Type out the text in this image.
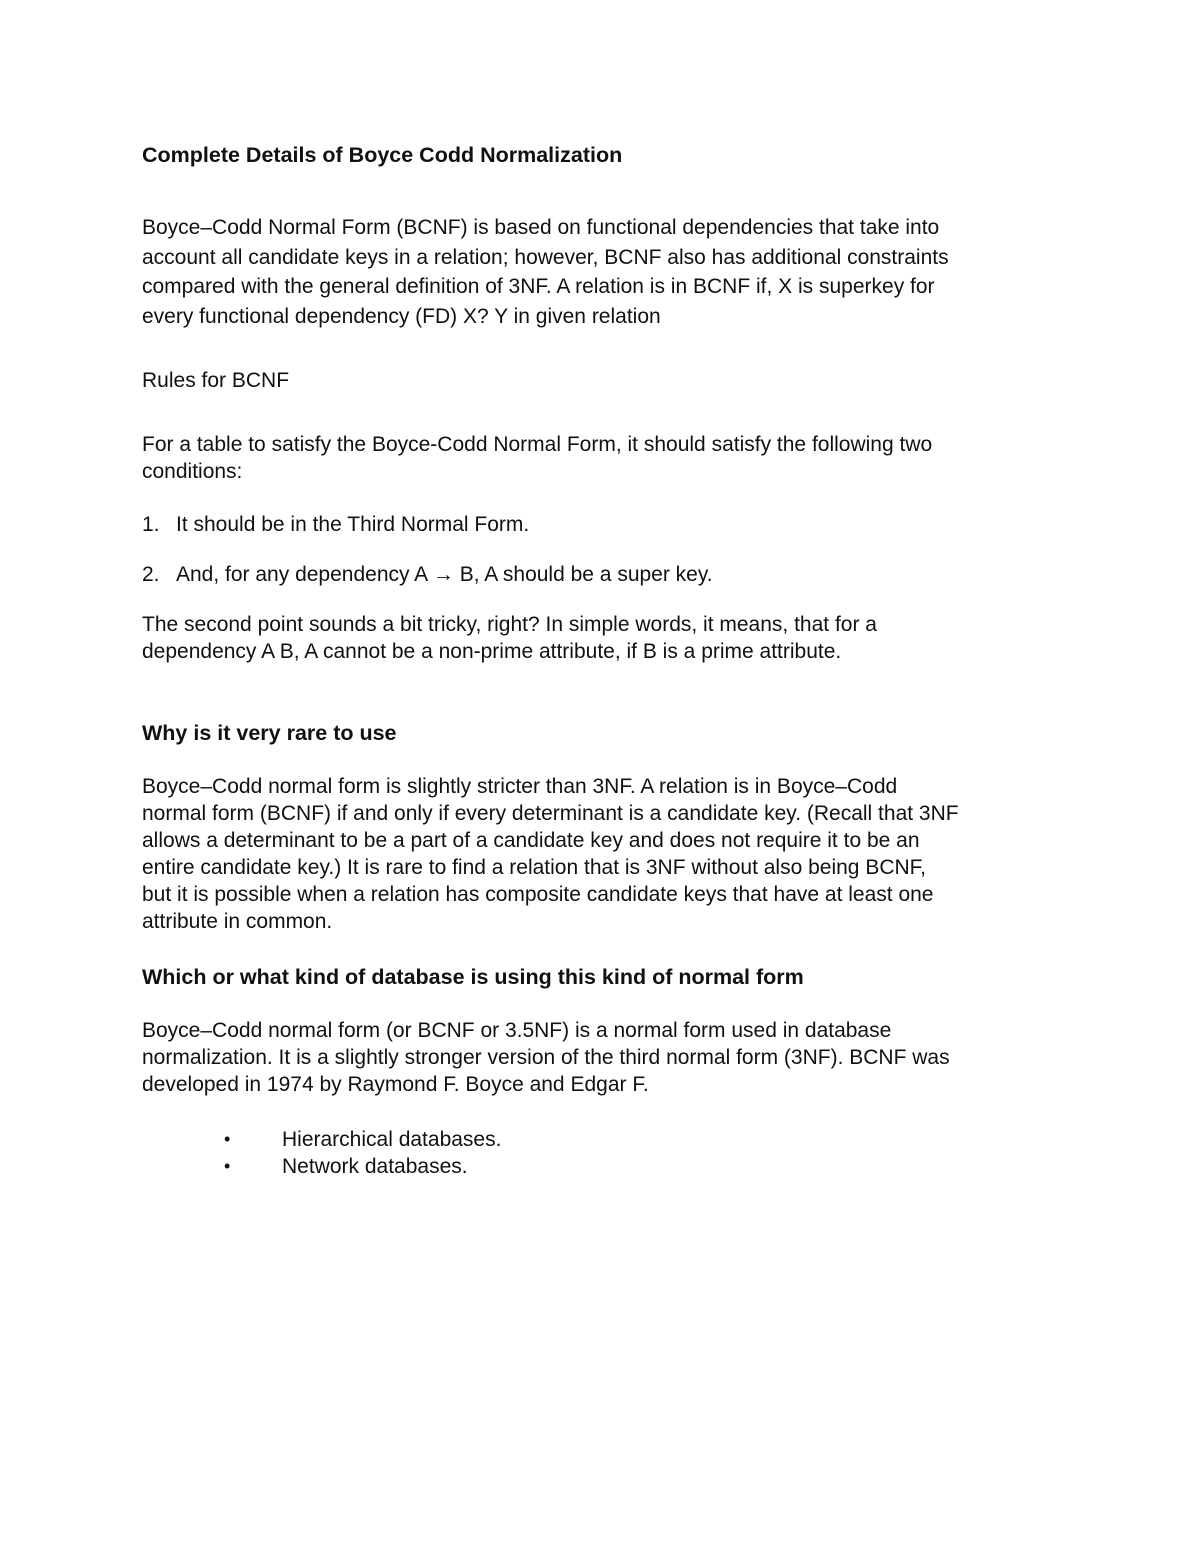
Complete Details of Boyce Codd Normalization
Boyce–Codd Normal Form (BCNF) is based on functional dependencies that take into
account all candidate keys in a relation; however, BCNF also has additional constraints
compared with the general definition of 3NF. A relation is in BCNF if, X is superkey for
every functional dependency (FD) X? Y in given relation
Rules for BCNF
For a table to satisfy the Boyce-Codd Normal Form, it should satisfy the following two
conditions:
1. It should be in the Third Normal Form.
2. And, for any dependency A → B, A should be a super key.
The second point sounds a bit tricky, right? In simple words, it means, that for a
dependency A B, A cannot be a non-prime attribute, if B is a prime attribute.
Why is it very rare to use
Boyce–Codd normal form is slightly stricter than 3NF. A relation is in Boyce–Codd
normal form (BCNF) if and only if every determinant is a candidate key. (Recall that 3NF
allows a determinant to be a part of a candidate key and does not require it to be an
entire candidate key.) It is rare to find a relation that is 3NF without also being BCNF,
but it is possible when a relation has composite candidate keys that have at least one
attribute in common.
Which or what kind of database is using this kind of normal form
Boyce–Codd normal form (or BCNF or 3.5NF) is a normal form used in database
normalization. It is a slightly stronger version of the third normal form (3NF). BCNF was
developed in 1974 by Raymond F. Boyce and Edgar F.
•	Hierarchical databases.
•	Network databases.
